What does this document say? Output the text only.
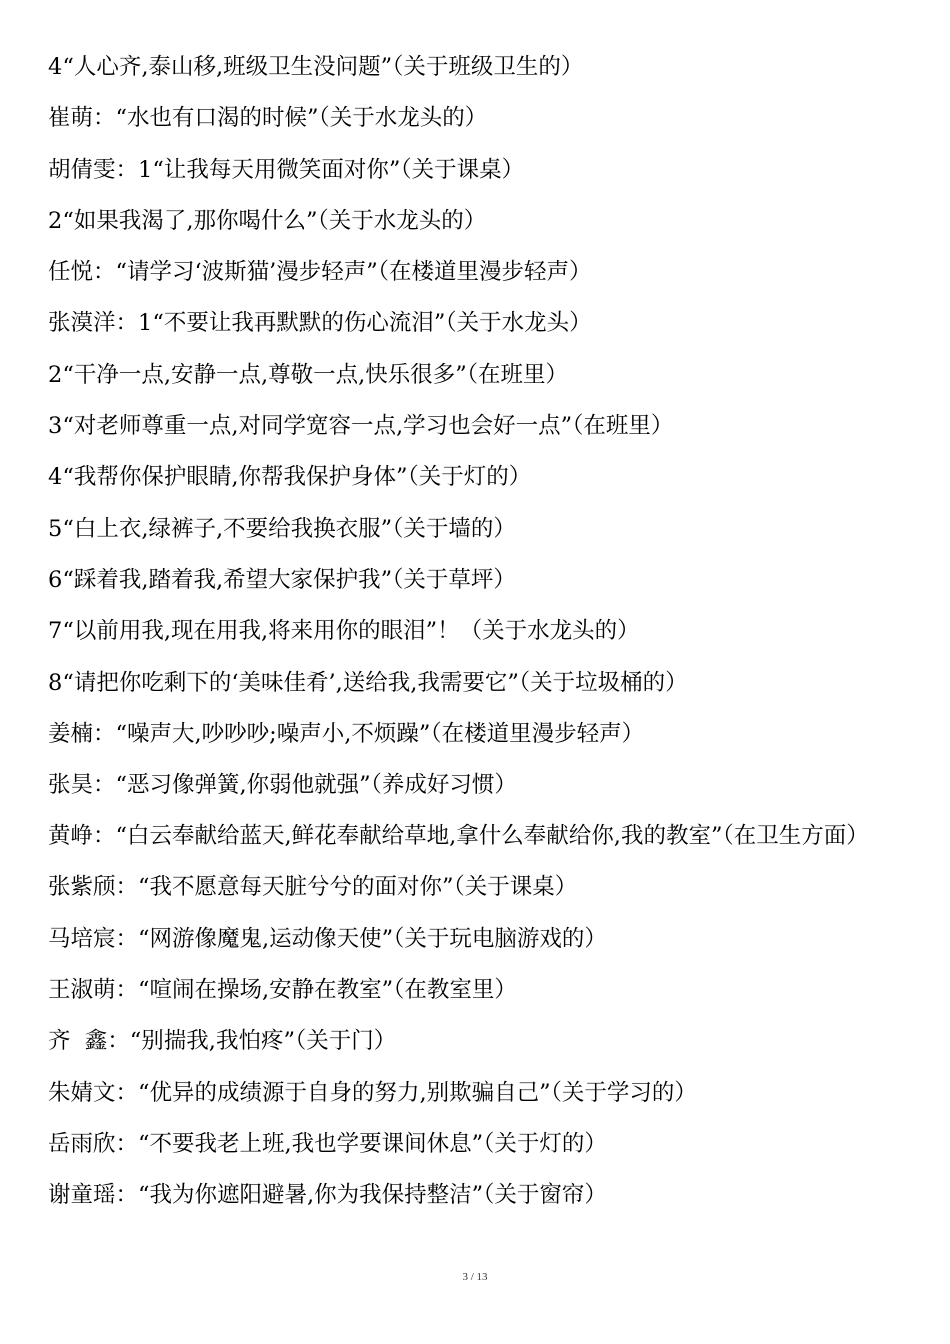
4“人心齐,泰山移,班级卫生没问题”（关于班级卫生的）
崔萌：“水也有口渴的时候”（关于水龙头的）
胡倩雯：1“让我每天用微笑面对你”（关于课桌）
2“如果我渴了,那你喝什么”（关于水龙头的）
任悦：“请学习‘波斯猫’漫步轻声”（在楼道里漫步轻声）
张漠洋：1“不要让我再默默的伤心流泪”（关于水龙头）
2“干净一点,安静一点,尊敬一点,快乐很多”（在班里）
3“对老师尊重一点,对同学宽容一点,学习也会好一点”（在班里）
4“我帮你保护眼睛,你帮我保护身体”（关于灯的）
5“白上衣,绿裤子,不要给我换衣服”（关于墙的）
6“踩着我,踏着我,希望大家保护我”（关于草坪）
7“以前用我,现在用我,将来用你的眼泪”！（关于水龙头的）
8“请把你吃剩下的‘美味佳肴’,送给我,我需要它”（关于垃圾桶的）
姜楠：“噪声大,吵吵吵;噪声小,不烦躁”（在楼道里漫步轻声）
张昊：“恶习像弹簧,你弱他就强”（养成好习惯）
黄峥：“白云奉献给蓝天,鲜花奉献给草地,拿什么奉献给你,我的教室”（在卫生方面）
张紫颀：“我不愿意每天脏兮兮的面对你”（关于课桌）
马培宸：“网游像魔鬼,运动像天使”（关于玩电脑游戏的）
王淑萌：“喧闹在操场,安静在教室”（在教室里）
齐  鑫：“别揣我,我怕疼”（关于门）
朱婧文：“优异的成绩源于自身的努力,别欺骗自己”（关于学习的）
岳雨欣：“不要我老上班,我也学要课间休息”（关于灯的）
谢童瑶：“我为你遮阳避暑,你为我保持整洁”（关于窗帘）
3 / 13
